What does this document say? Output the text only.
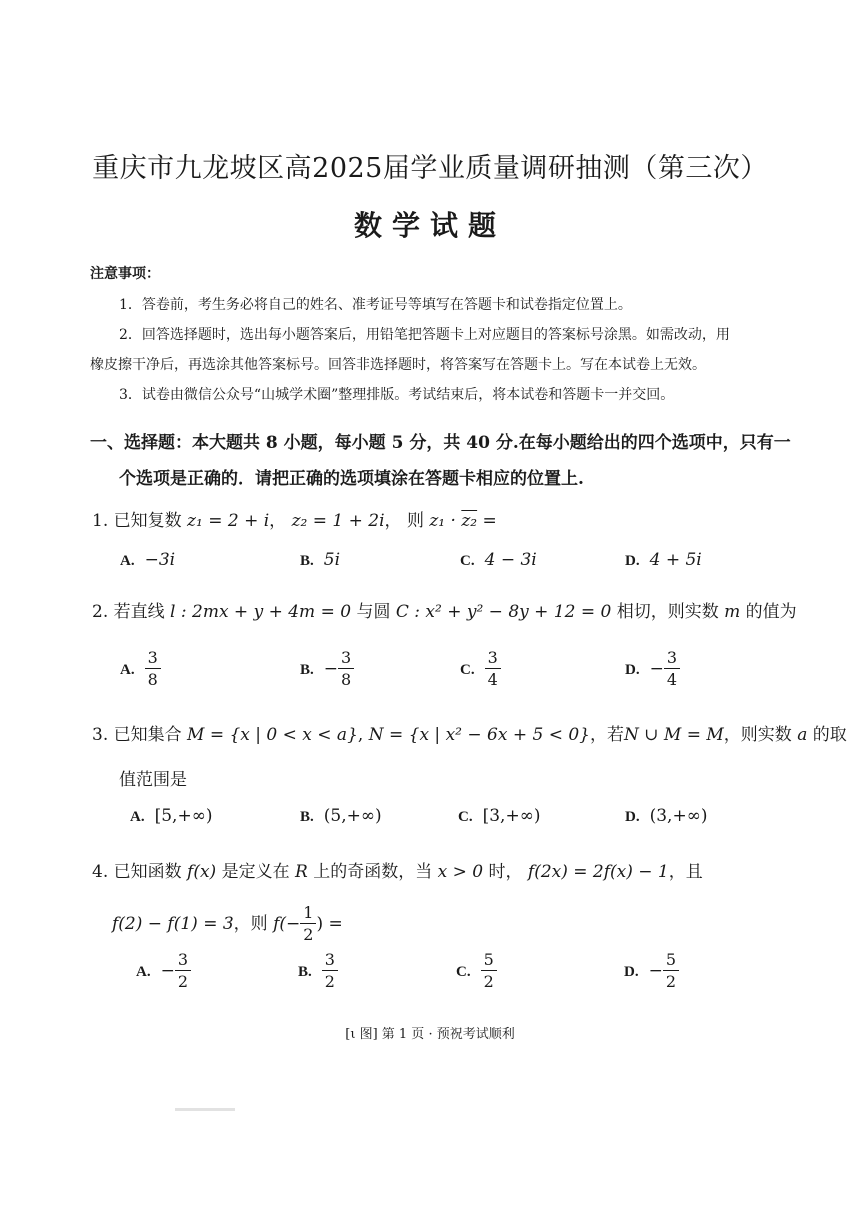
重庆市九龙坡区高2025届学业质量调研抽测（第三次）
数学试题
注意事项：
1．答卷前，考生务必将自己的姓名、准考证号等填写在答题卡和试卷指定位置上。
2．回答选择题时，选出每小题答案后，用铅笔把答题卡上对应题目的答案标号涂黑。如需改动，用
橡皮擦干净后，再选涂其他答案标号。回答非选择题时，将答案写在答题卡上。写在本试卷上无效。
3．试卷由微信公众号“山城学术圈”整理排版。考试结束后，将本试卷和答题卡一并交回。
一、选择题：本大题共 8 小题，每小题 5 分，共 40 分.在每小题给出的四个选项中，只有一
个选项是正确的．请把正确的选项填涂在答题卡相应的位置上.
1. 已知复数 z₁ = 2 + i， z₂ = 1 + 2i， 则 z₁ · z₂ =
A. −3i	B. 5i	C. 4 − 3i	D. 4 + 5i
2. 若直线 l : 2mx + y + 4m = 0 与圆 C : x² + y² − 8y + 12 = 0 相切，则实数 m 的值为
A. $\frac{3}{8}$	B. − $\frac{3}{8}$	C. $\frac{3}{4}$	D. − $\frac{3}{4}$
3. 已知集合 M = {x | 0 < x < a}, N = {x | x² − 6x + 5 < 0}，若N ∪ M = M，则实数 a 的取
值范围是
A. [5,+∞)	B. (5,+∞)	C. [3,+∞)	D. (3,+∞)
4. 已知函数 f(x) 是定义在 R 上的奇函数，当 x > 0 时， f(2x) = 2f(x) − 1，且
f(2) − f(1) = 3，则 $f(- \frac{1}{2}$ ) =
A. − $\frac{3}{2}$	B. $\frac{3}{2}$	C. $\frac{5}{2}$	D. − $\frac{5}{2}$
[ι 图] 第 1 页 · 预祝考试顺利
